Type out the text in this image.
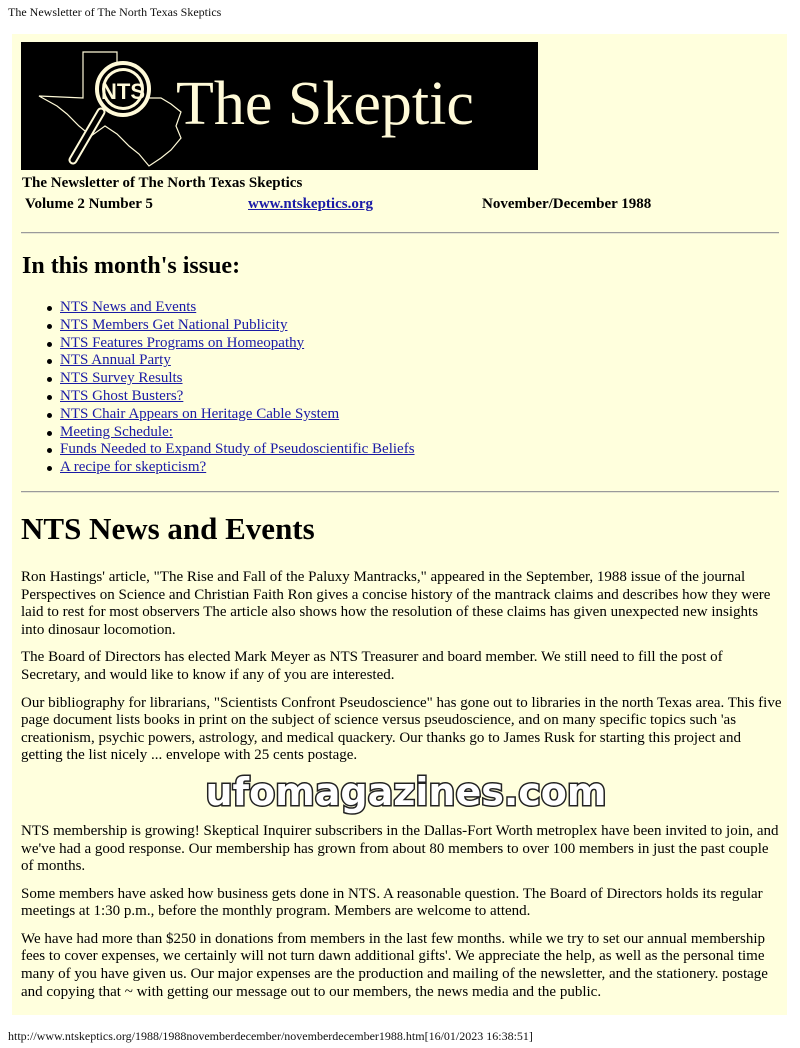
The Newsletter of The North Texas Skeptics
NTS The Skeptic
The Newsletter of The North Texas Skeptics
Volume 2 Number 5	www.ntskeptics.org	November/December 1988
In this month's issue:
NTS News and Events
NTS Members Get National Publicity
NTS Features Programs on Homeopathy
NTS Annual Party
NTS Survey Results
NTS Ghost Busters?
NTS Chair Appears on Heritage Cable System
Meeting Schedule:
Funds Needed to Expand Study of Pseudoscientific Beliefs
A recipe for skepticism?
NTS News and Events

Ron Hastings' article, "The Rise and Fall of the Paluxy Mantracks," appeared in the September, 1988 issue of the journal Perspectives on Science and Christian Faith Ron gives a concise history of the mantrack claims and describes how they were laid to rest for most observers The article also shows how the resolution of these claims has given unexpected new insights into dinosaur locomotion.

The Board of Directors has elected Mark Meyer as NTS Treasurer and board member. We still need to fill the post of Secretary, and would like to know if any of you are interested.

Our bibliography for librarians, "Scientists Confront Pseudoscience" has gone out to libraries in the north Texas area. This five page document lists books in print on the subject of science versus pseudoscience, and on many specific topics such 'as creationism, psychic powers, astrology, and medical quackery. Our thanks go to James Rusk for starting this project and getting the list nicely ... envelope with 25 cents postage.

ufomagazines.com

NTS membership is growing! Skeptical Inquirer subscribers in the Dallas-Fort Worth metroplex have been invited to join, and we've had a good response. Our membership has grown from about 80 members to over 100 members in just the past couple of months.

Some members have asked how business gets done in NTS. A reasonable question. The Board of Directors holds its regular meetings at 1:30 p.m., before the monthly program. Members are welcome to attend.

We have had more than $250 in donations from members in the last few months. while we try to set our annual membership fees to cover expenses, we certainly will not turn dawn additional gifts'. We appreciate the help, as well as the personal time many of you have given us. Our major expenses are the production and mailing of the newsletter, and the stationery. postage and copying that ~ with getting our message out to our members, the news media and the public.

http://www.ntskeptics.org/1988/1988novemberdecember/novemberdecember1988.htm[16/01/2023 16:38:51]
